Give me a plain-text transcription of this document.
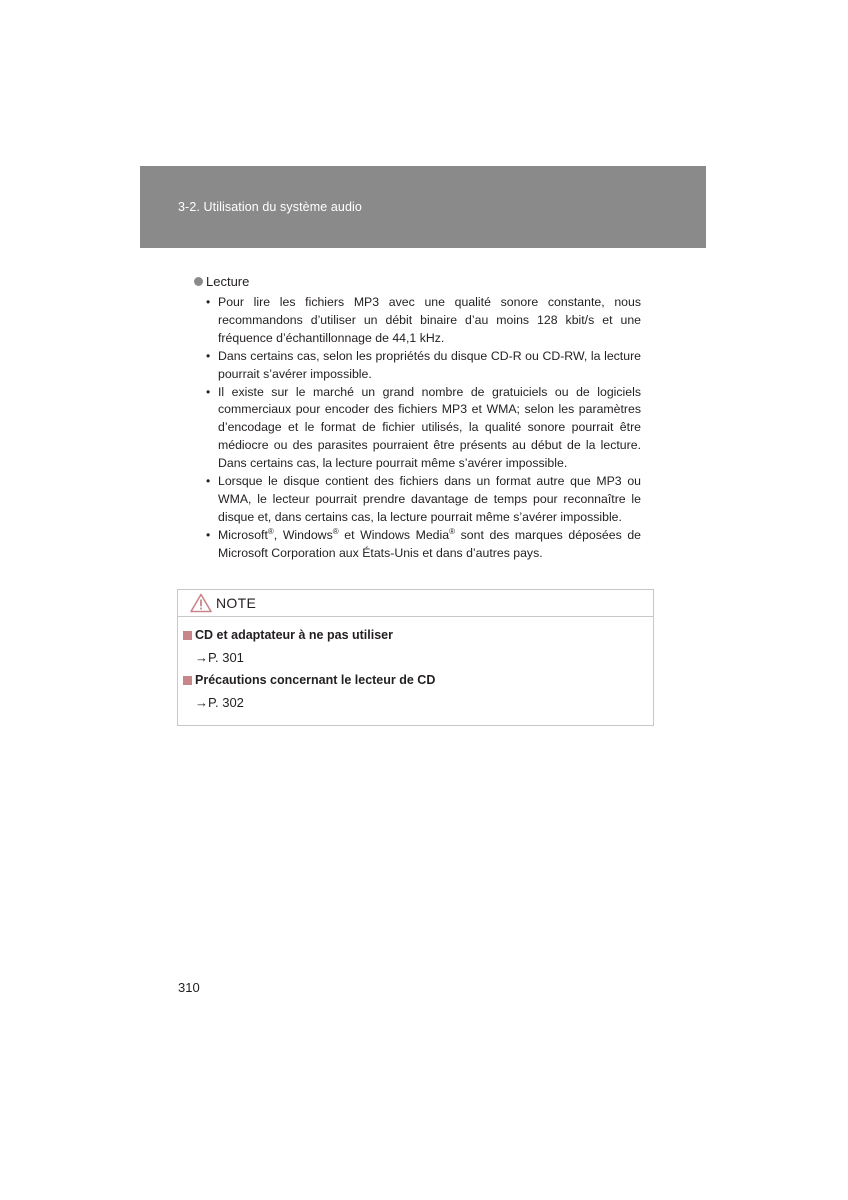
3-2. Utilisation du système audio
Lecture
• Pour lire les fichiers MP3 avec une qualité sonore constante, nous recommandons d’utiliser un débit binaire d’au moins 128 kbit/s et une fréquence d’échantillonnage de 44,1 kHz.
• Dans certains cas, selon les propriétés du disque CD-R ou CD-RW, la lecture pourrait s’avérer impossible.
• Il existe sur le marché un grand nombre de gratuiciels ou de logiciels commerciaux pour encoder des fichiers MP3 et WMA; selon les paramètres d’encodage et le format de fichier utilisés, la qualité sonore pourrait être médiocre ou des parasites pourraient être présents au début de la lecture. Dans certains cas, la lecture pourrait même s’avérer impossible.
• Lorsque le disque contient des fichiers dans un format autre que MP3 ou WMA, le lecteur pourrait prendre davantage de temps pour reconnaître le disque et, dans certains cas, la lecture pourrait même s’avérer impossible.
• Microsoft®, Windows® et Windows Media® sont des marques déposées de Microsoft Corporation aux États-Unis et dans d’autres pays.
NOTE
CD et adaptateur à ne pas utiliser
→P. 301
Précautions concernant le lecteur de CD
→P. 302
310
